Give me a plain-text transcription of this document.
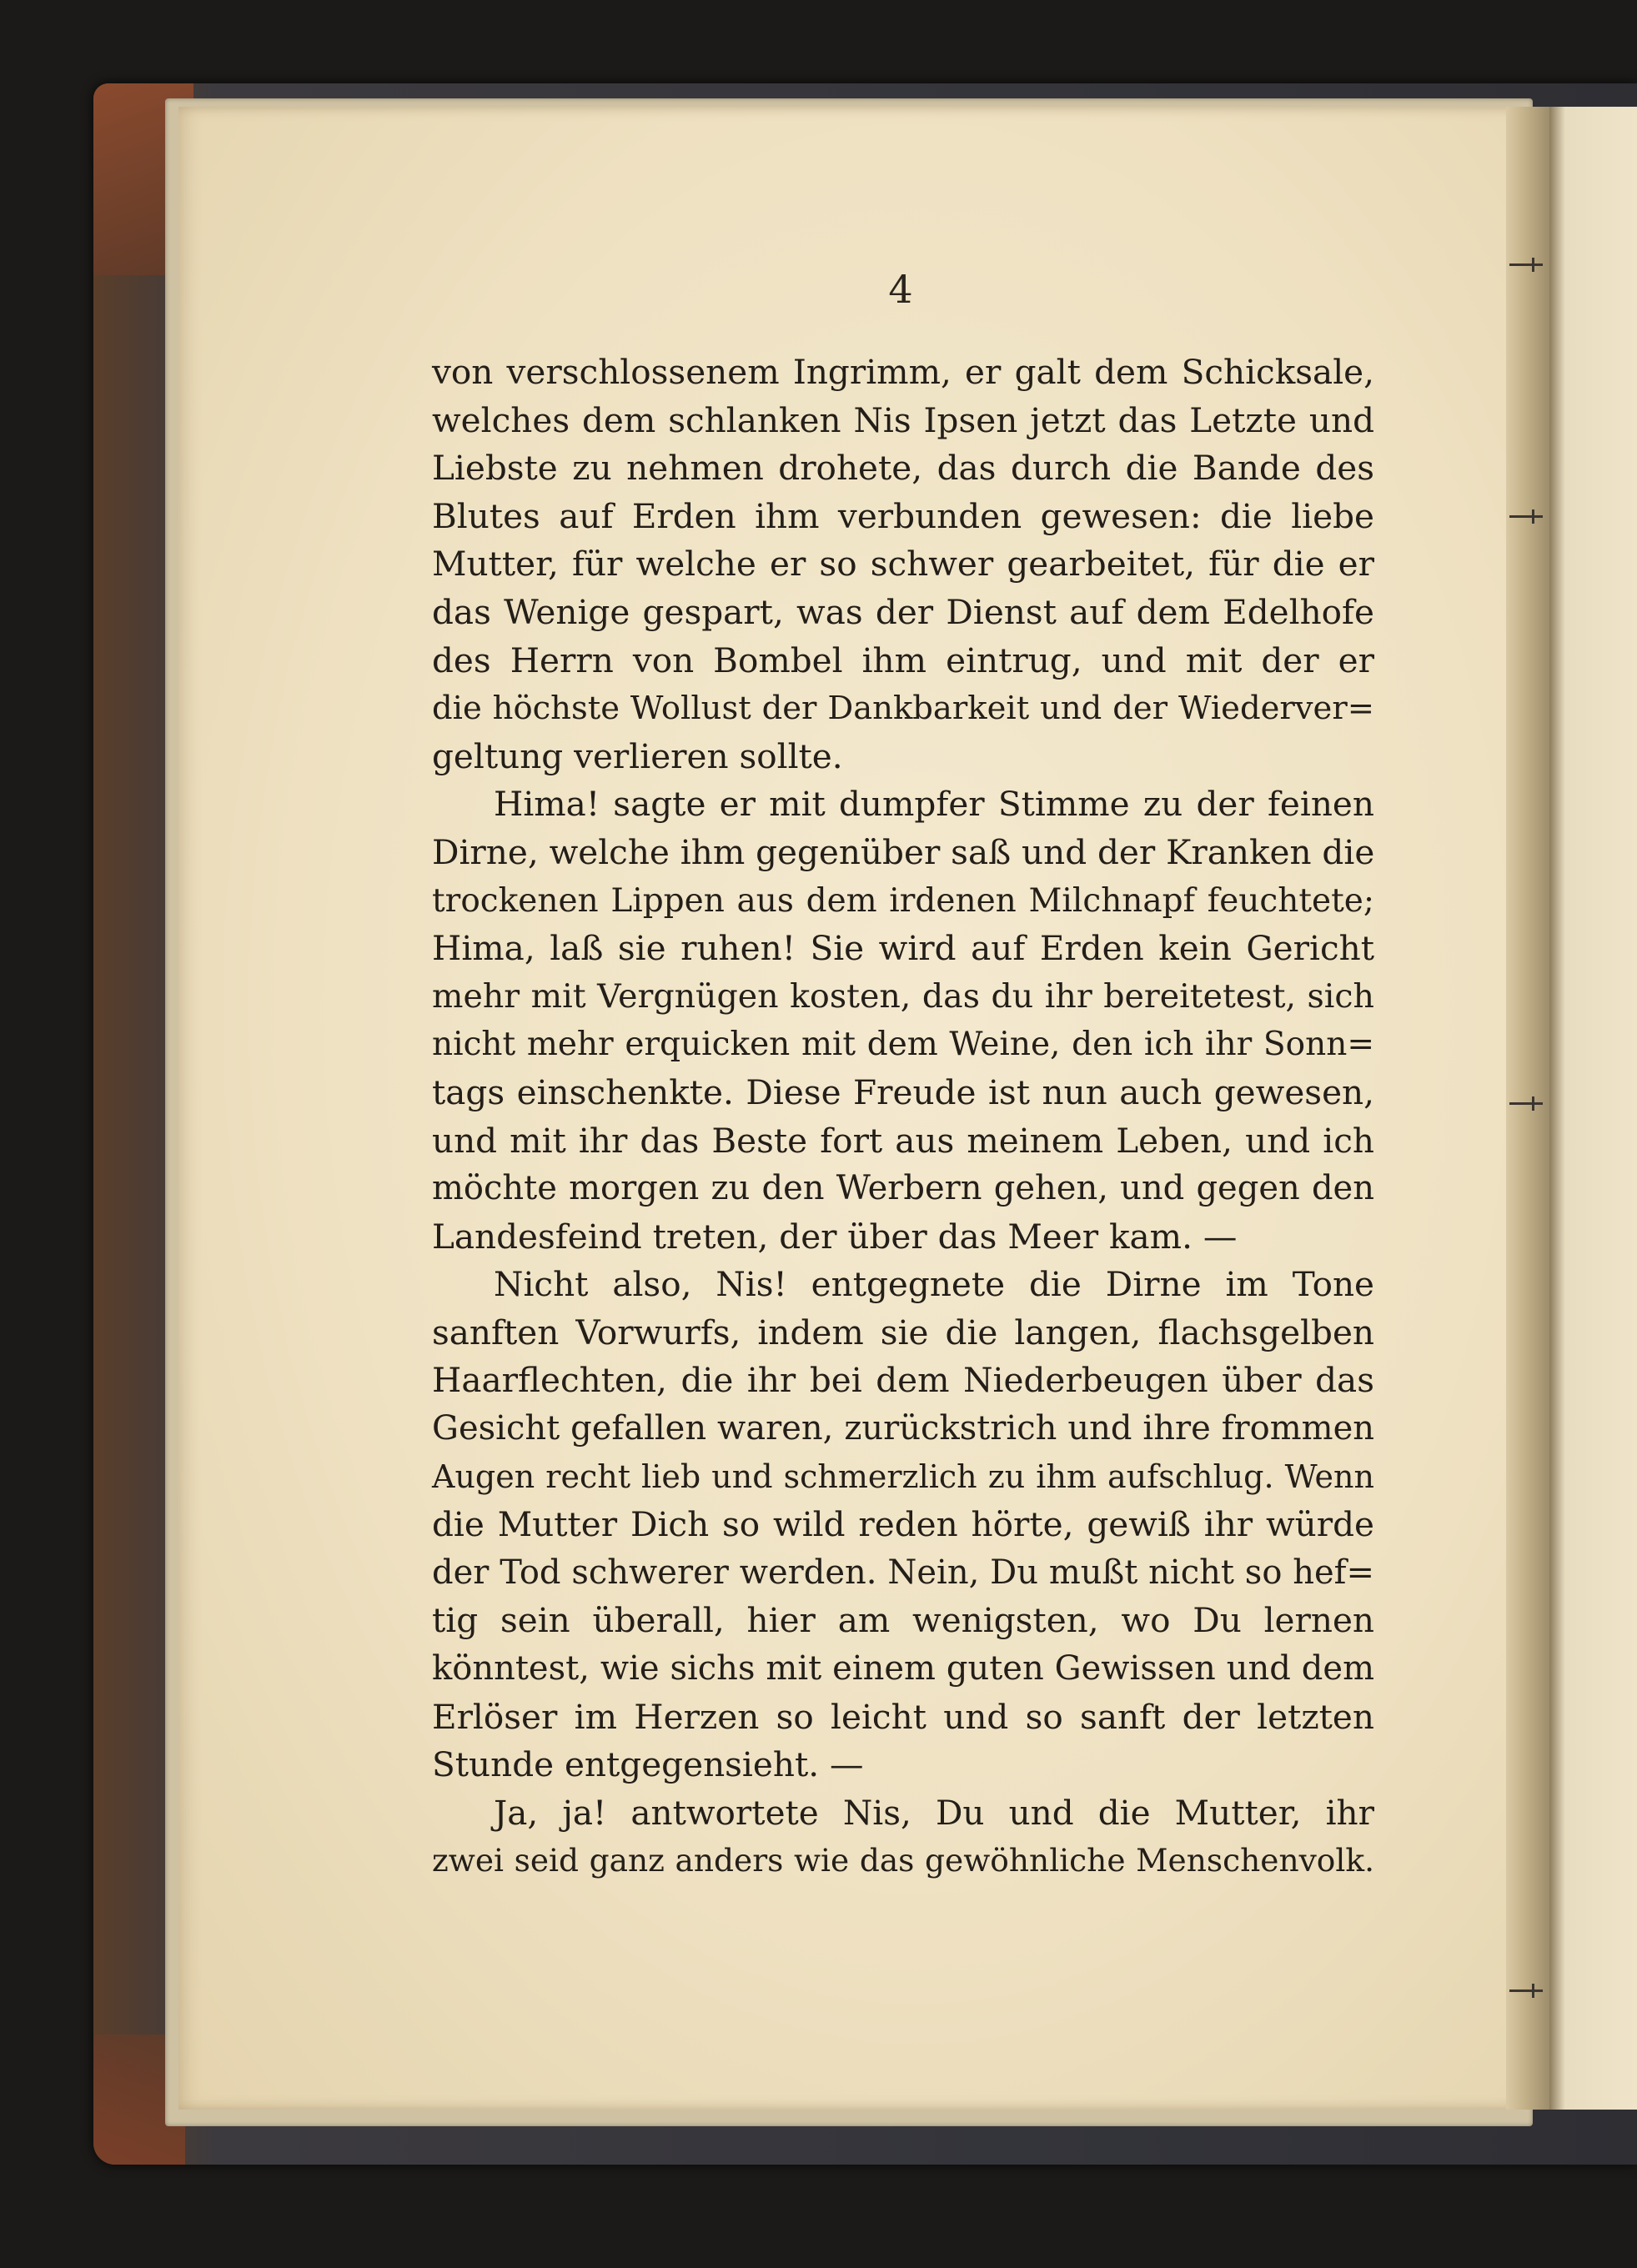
4
von verschlossenem Ingrimm, er galt dem Schicksale,
welches dem schlanken Nis Ipsen jetzt das Letzte und
Liebste zu nehmen drohete, das durch die Bande des
Blutes auf Erden ihm verbunden gewesen: die liebe
Mutter, für welche er so schwer gearbeitet, für die er
das Wenige gespart, was der Dienst auf dem Edelhofe
des Herrn von Bombel ihm eintrug, und mit der er
die höchste Wollust der Dankbarkeit und der Wiederver=
geltung verlieren sollte.
Hima! sagte er mit dumpfer Stimme zu der feinen
Dirne, welche ihm gegenüber saß und der Kranken die
trockenen Lippen aus dem irdenen Milchnapf feuchtete;
Hima, laß sie ruhen! Sie wird auf Erden kein Gericht
mehr mit Vergnügen kosten, das du ihr bereitetest, sich
nicht mehr erquicken mit dem Weine, den ich ihr Sonn=
tags einschenkte. Diese Freude ist nun auch gewesen,
und mit ihr das Beste fort aus meinem Leben, und ich
möchte morgen zu den Werbern gehen, und gegen den
Landesfeind treten, der über das Meer kam. —
Nicht also, Nis! entgegnete die Dirne im Tone
sanften Vorwurfs, indem sie die langen, flachsgelben
Haarflechten, die ihr bei dem Niederbeugen über das
Gesicht gefallen waren, zurückstrich und ihre frommen
Augen recht lieb und schmerzlich zu ihm aufschlug. Wenn
die Mutter Dich so wild reden hörte, gewiß ihr würde
der Tod schwerer werden. Nein, Du mußt nicht so hef=
tig sein überall, hier am wenigsten, wo Du lernen
könntest, wie sichs mit einem guten Gewissen und dem
Erlöser im Herzen so leicht und so sanft der letzten
Stunde entgegensieht. —
Ja, ja! antwortete Nis, Du und die Mutter, ihr
zwei seid ganz anders wie das gewöhnliche Menschenvolk.
